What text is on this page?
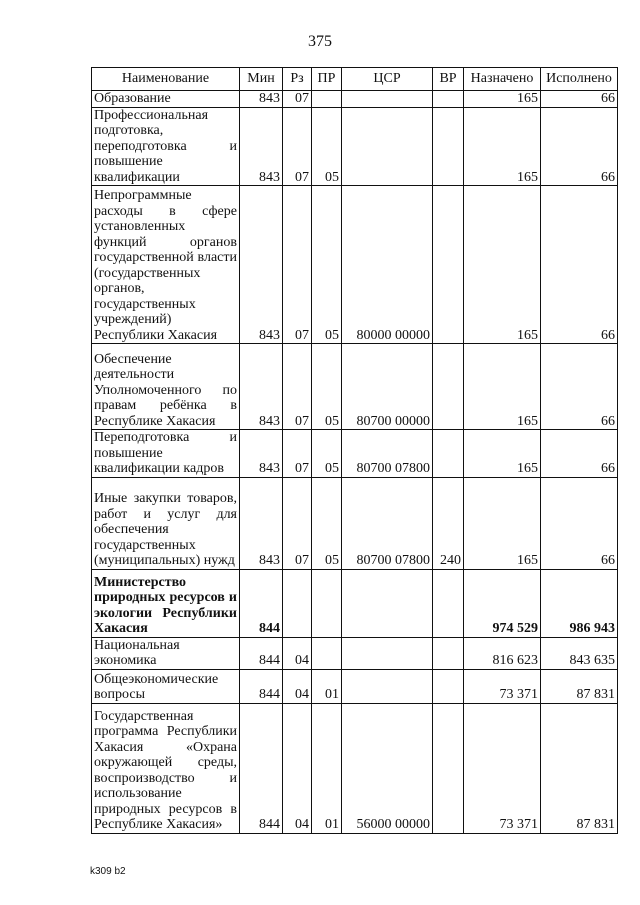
375
Наименование	Мин	Рз	ПР	ЦСР	ВР	Назначено	Исполнено
Образование	843	07				165	66
Профессиональная подготовка, переподготовка и повышение квалификации	843	07	05			165	66
Непрограммные расходы в сфере установленных функций органов государственной власти (государственных органов, государственных учреждений) Республики Хакасия	843	07	05	80000 00000		165	66
Обеспечение деятельности Уполномоченного по правам ребёнка в Республике Хакасия	843	07	05	80700 00000		165	66
Переподготовка и повышение квалификации кадров	843	07	05	80700 07800		165	66
Иные закупки товаров, работ и услуг для обеспечения государственных (муниципальных) нужд	843	07	05	80700 07800	240	165	66
Министерство природных ресурсов и экологии Республики Хакасия	844					974 529	986 943
Национальная экономика	844	04				816 623	843 635
Общеэкономические вопросы	844	04	01			73 371	87 831
Государственная программа Республики Хакасия «Охрана окружающей среды, воспроизводство и использование природных ресурсов в Республике Хакасия»	844	04	01	56000 00000		73 371	87 831
k309 b2
